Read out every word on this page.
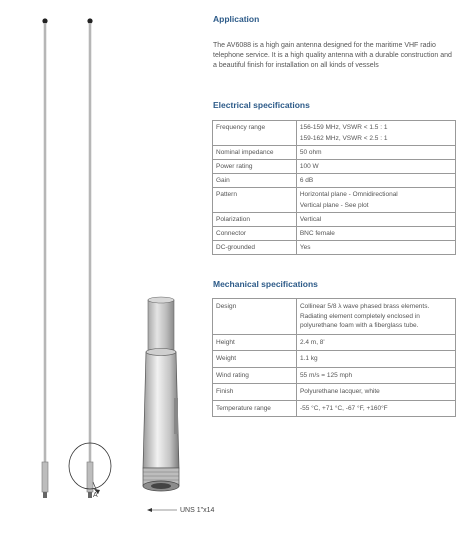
A
UNS 1"x14
Application

The AV6088 is a high gain antenna designed for the maritime VHF radio telephone service. It is a high quality antenna with a durable construction and a beautiful finish for installation on all kinds of vessels

Electrical specifications
Frequency range	156-159 MHz, VSWR < 1.5 : 1
159-162 MHz, VSWR < 2.5 : 1
Nominal impedance	50 ohm
Power rating	100 W
Gain	6 dB
Pattern	Horizontal plane - Omnidirectional
Vertical plane - See plot
Polarization	Vertical
Connector	BNC female
DC-grounded	Yes
Mechanical specifications
Design	Collinear 5/8 λ wave phased brass elements. Radiating element completely enclosed in polyurethane foam with a fiberglass tube.
Height	2.4 m, 8'
Weight	1.1 kg
Wind rating	55 m/s = 125 mph
Finish	Polyurethane lacquer, white
Temperature range	-55 °C, +71 °C, -67 °F, +160°F
